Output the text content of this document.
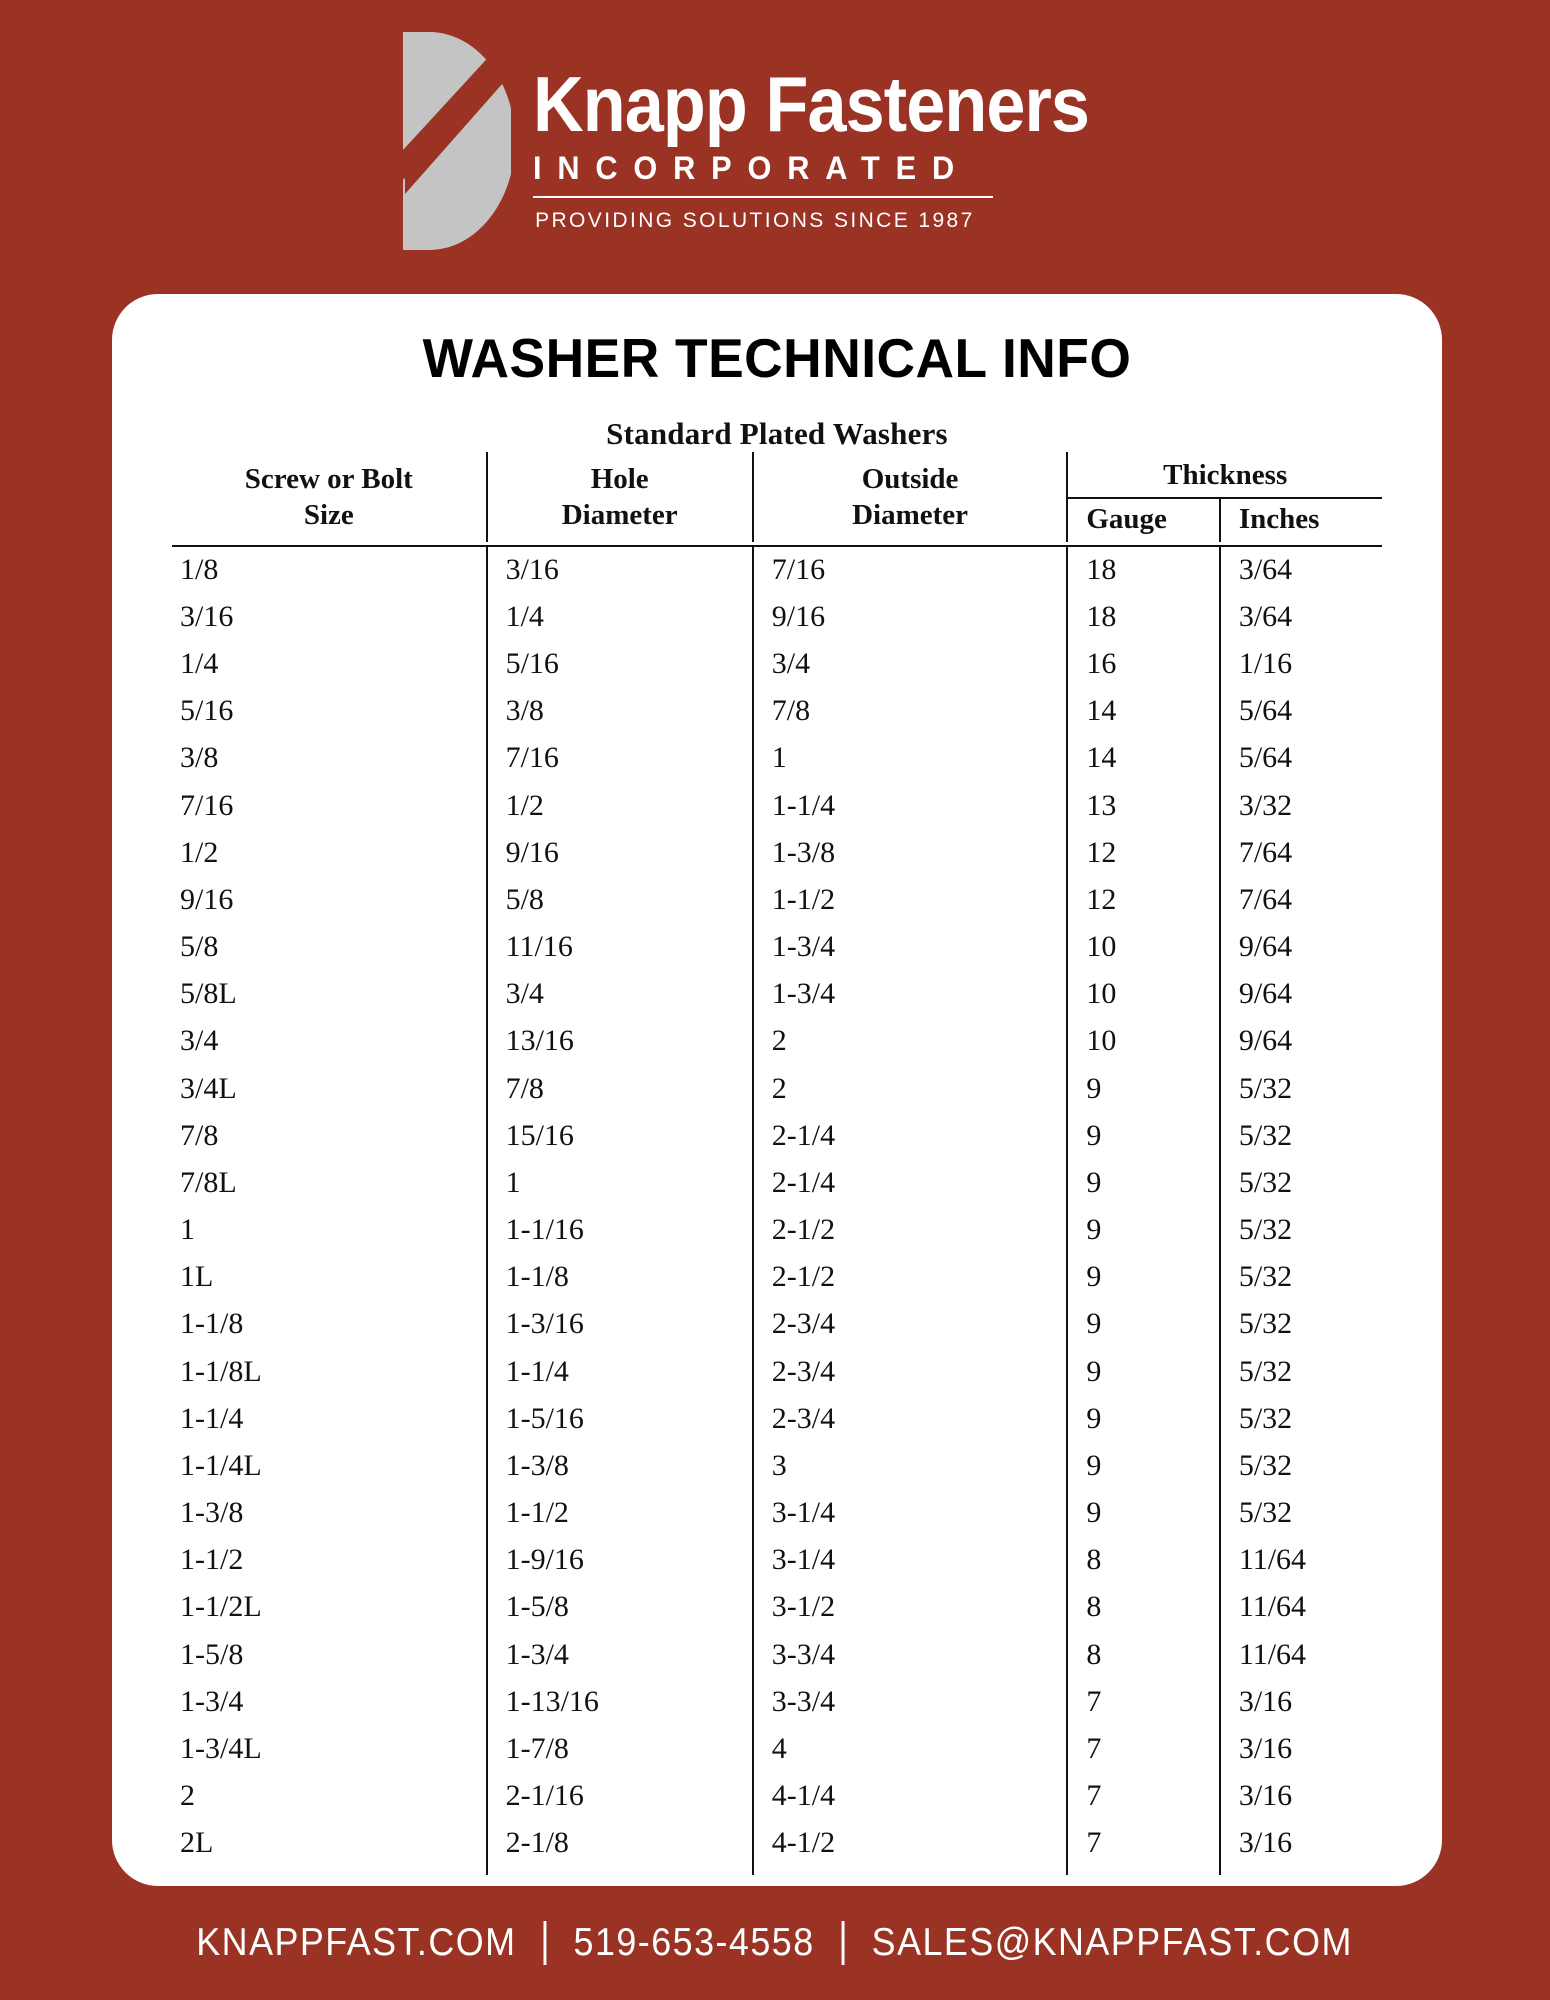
Knapp Fasteners
INCORPORATED
PROVIDING SOLUTIONS SINCE 1987
WASHER TECHNICAL INFO
Standard Plated Washers
Screw or Bolt
Size

Hole
Diameter

Outside
Diameter
	Thickness
			Gauge	Inches

1/8	3/16	7/16	18	3/64
3/16	1/4	9/16	18	3/64
1/4	5/16	3/4	16	1/16
5/16	3/8	7/8	14	5/64
3/8	7/16	1	14	5/64
7/16	1/2	1-1/4	13	3/32
1/2	9/16	1-3/8	12	7/64
9/16	5/8	1-1/2	12	7/64
5/8	11/16	1-3/4	10	9/64
5/8L	3/4	1-3/4	10	9/64
3/4	13/16	2	10	9/64
3/4L	7/8	2	9	5/32
7/8	15/16	2-1/4	9	5/32
7/8L	1	2-1/4	9	5/32
1	1-1/16	2-1/2	9	5/32
1L	1-1/8	2-1/2	9	5/32
1-1/8	1-3/16	2-3/4	9	5/32
1-1/8L	1-1/4	2-3/4	9	5/32
1-1/4	1-5/16	2-3/4	9	5/32
1-1/4L	1-3/8	3	9	5/32
1-3/8	1-1/2	3-1/4	9	5/32
1-1/2	1-9/16	3-1/4	8	11/64
1-1/2L	1-5/8	3-1/2	8	11/64
1-5/8	1-3/4	3-3/4	8	11/64
1-3/4	1-13/16	3-3/4	7	3/16
1-3/4L	1-7/8	4	7	3/16
2	2-1/16	4-1/4	7	3/16
2L	2-1/8	4-1/2	7	3/16
KNAPPFAST.COM 519-653-4558 SALES@KNAPPFAST.COM
